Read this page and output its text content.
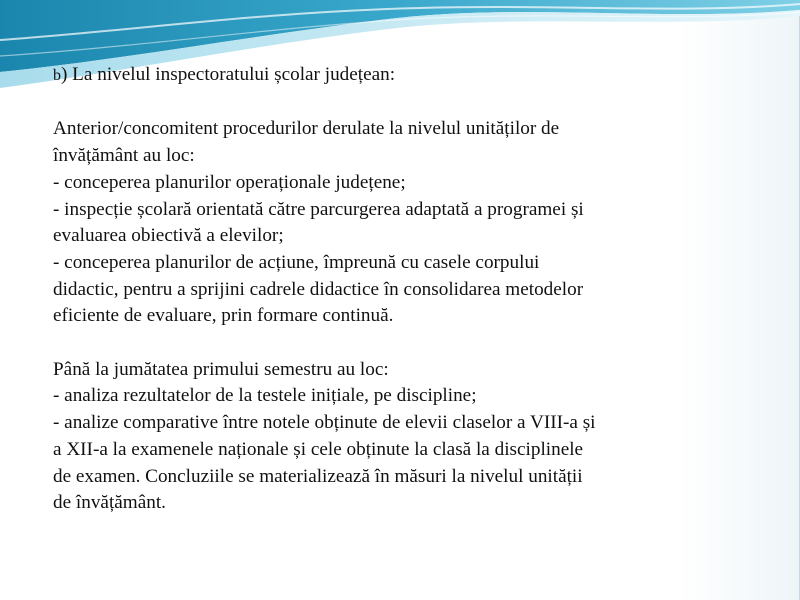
b) La nivelul inspectoratului școlar județean:
Anterior/concomitent procedurilor derulate la nivelul unităților de
învățământ au loc:
- conceperea planurilor operaționale județene;
- inspecție școlară orientată către parcurgerea adaptată a programei și
evaluarea obiectivă a elevilor;
- conceperea planurilor de acțiune, împreună cu casele corpului
didactic, pentru a sprijini cadrele didactice în consolidarea metodelor
eficiente de evaluare, prin formare continuă.
Până la jumătatea primului semestru au loc:
- analiza rezultatelor de la testele inițiale, pe discipline;
- analize comparative între notele obținute de elevii claselor a VIII-a și
a XII-a la examenele naționale și cele obținute la clasă la disciplinele
de examen. Concluziile se materializează în măsuri la nivelul unității
de învățământ.
